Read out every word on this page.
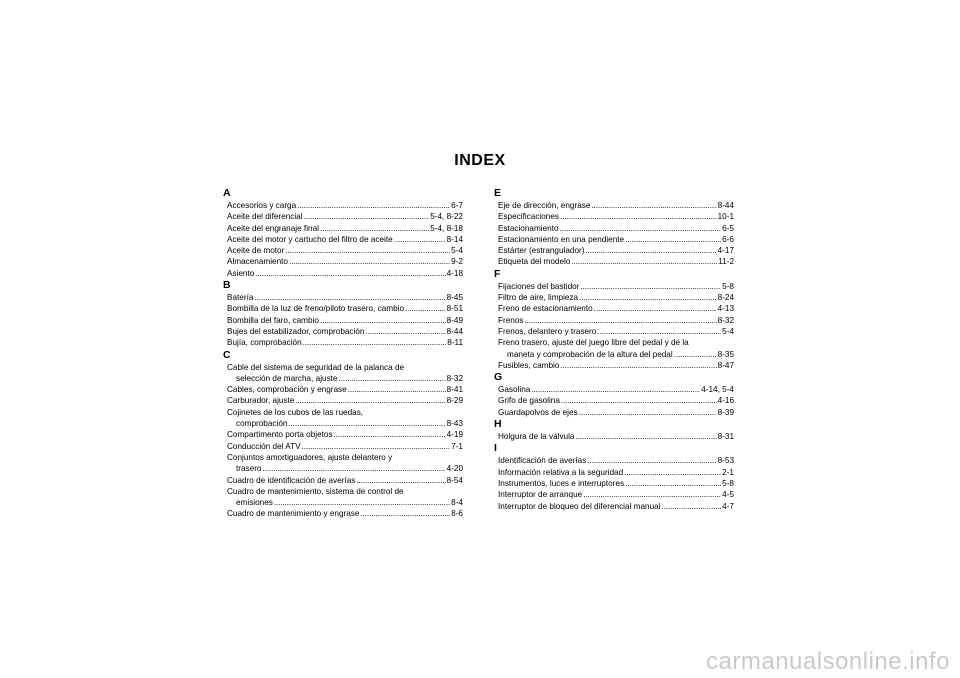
INDEX
A
Accesorios y carga . . .	6-7
Aceite del diferencial . . .	5-4, 8-22
Aceite del engranaje final . . .	5-4, 8-18
Aceite del motor y cartucho del filtro de aceite . . .	8-14
Aceite de motor . . .	5-4
Almacenamiento . . .	9-2
Asiento . . .	4-18
B
Batería . . .	8-45
Bombilla de la luz de freno/piloto trasero, cambio . . .	8-51
Bombilla del faro, cambio . . .	8-49
Bujes del estabilizador, comprobación . . .	8-44
Bujía, comprobación . . .	8-11
C
Cable del sistema de seguridad de la palanca de
selección de marcha, ajuste . . .	8-32
Cables, comprobación y engrase . . .	8-41
Carburador, ajuste . . .	8-29
Cojinetes de los cubos de las ruedas,
comprobación . . .	8-43
Compartimento porta objetos . . .	4-19
Conducción del ATV . . .	7-1
Conjuntos amortiguadores, ajuste delantero y
trasero . . .	4-20
Cuadro de identificación de averías . . .	8-54
Cuadro de mantenimiento, sistema de control de
emisiones . . .	8-4
Cuadro de mantenimiento y engrase . . .	8-6
E
Eje de dirección, engrase . . .	8-44
Especificaciones . . .	10-1
Estacionamiento . . .	6-5
Estacionamiento en una pendiente . . .	6-6
Estárter (estrangulador) . . .	4-17
Etiqueta del modelo . . .	11-2
F
Fijaciones del bastidor . . .	5-8
Filtro de aire, limpieza . . .	8-24
Freno de estacionamiento . . .	4-13
Frenos . . .	8-32
Frenos, delantero y trasero . . .	5-4
Freno trasero, ajuste del juego libre del pedal y de la
maneta y comprobación de la altura del pedal . . .	8-35
Fusibles, cambio . . .	8-47
G
Gasolina . . .	4-14, 5-4
Grifo de gasolina . . .	4-16
Guardapolvos de ejes . . .	8-39
H
Holgura de la válvula . . .	8-31
I
Identificación de averías . . .	8-53
Información relativa a la seguridad . . .	2-1
Instrumentos, luces e interruptores . . .	5-8
Interruptor de arranque . . .	4-5
Interruptor de bloqueo del diferencial manual . . .	4-7
carmanualsonline.info
